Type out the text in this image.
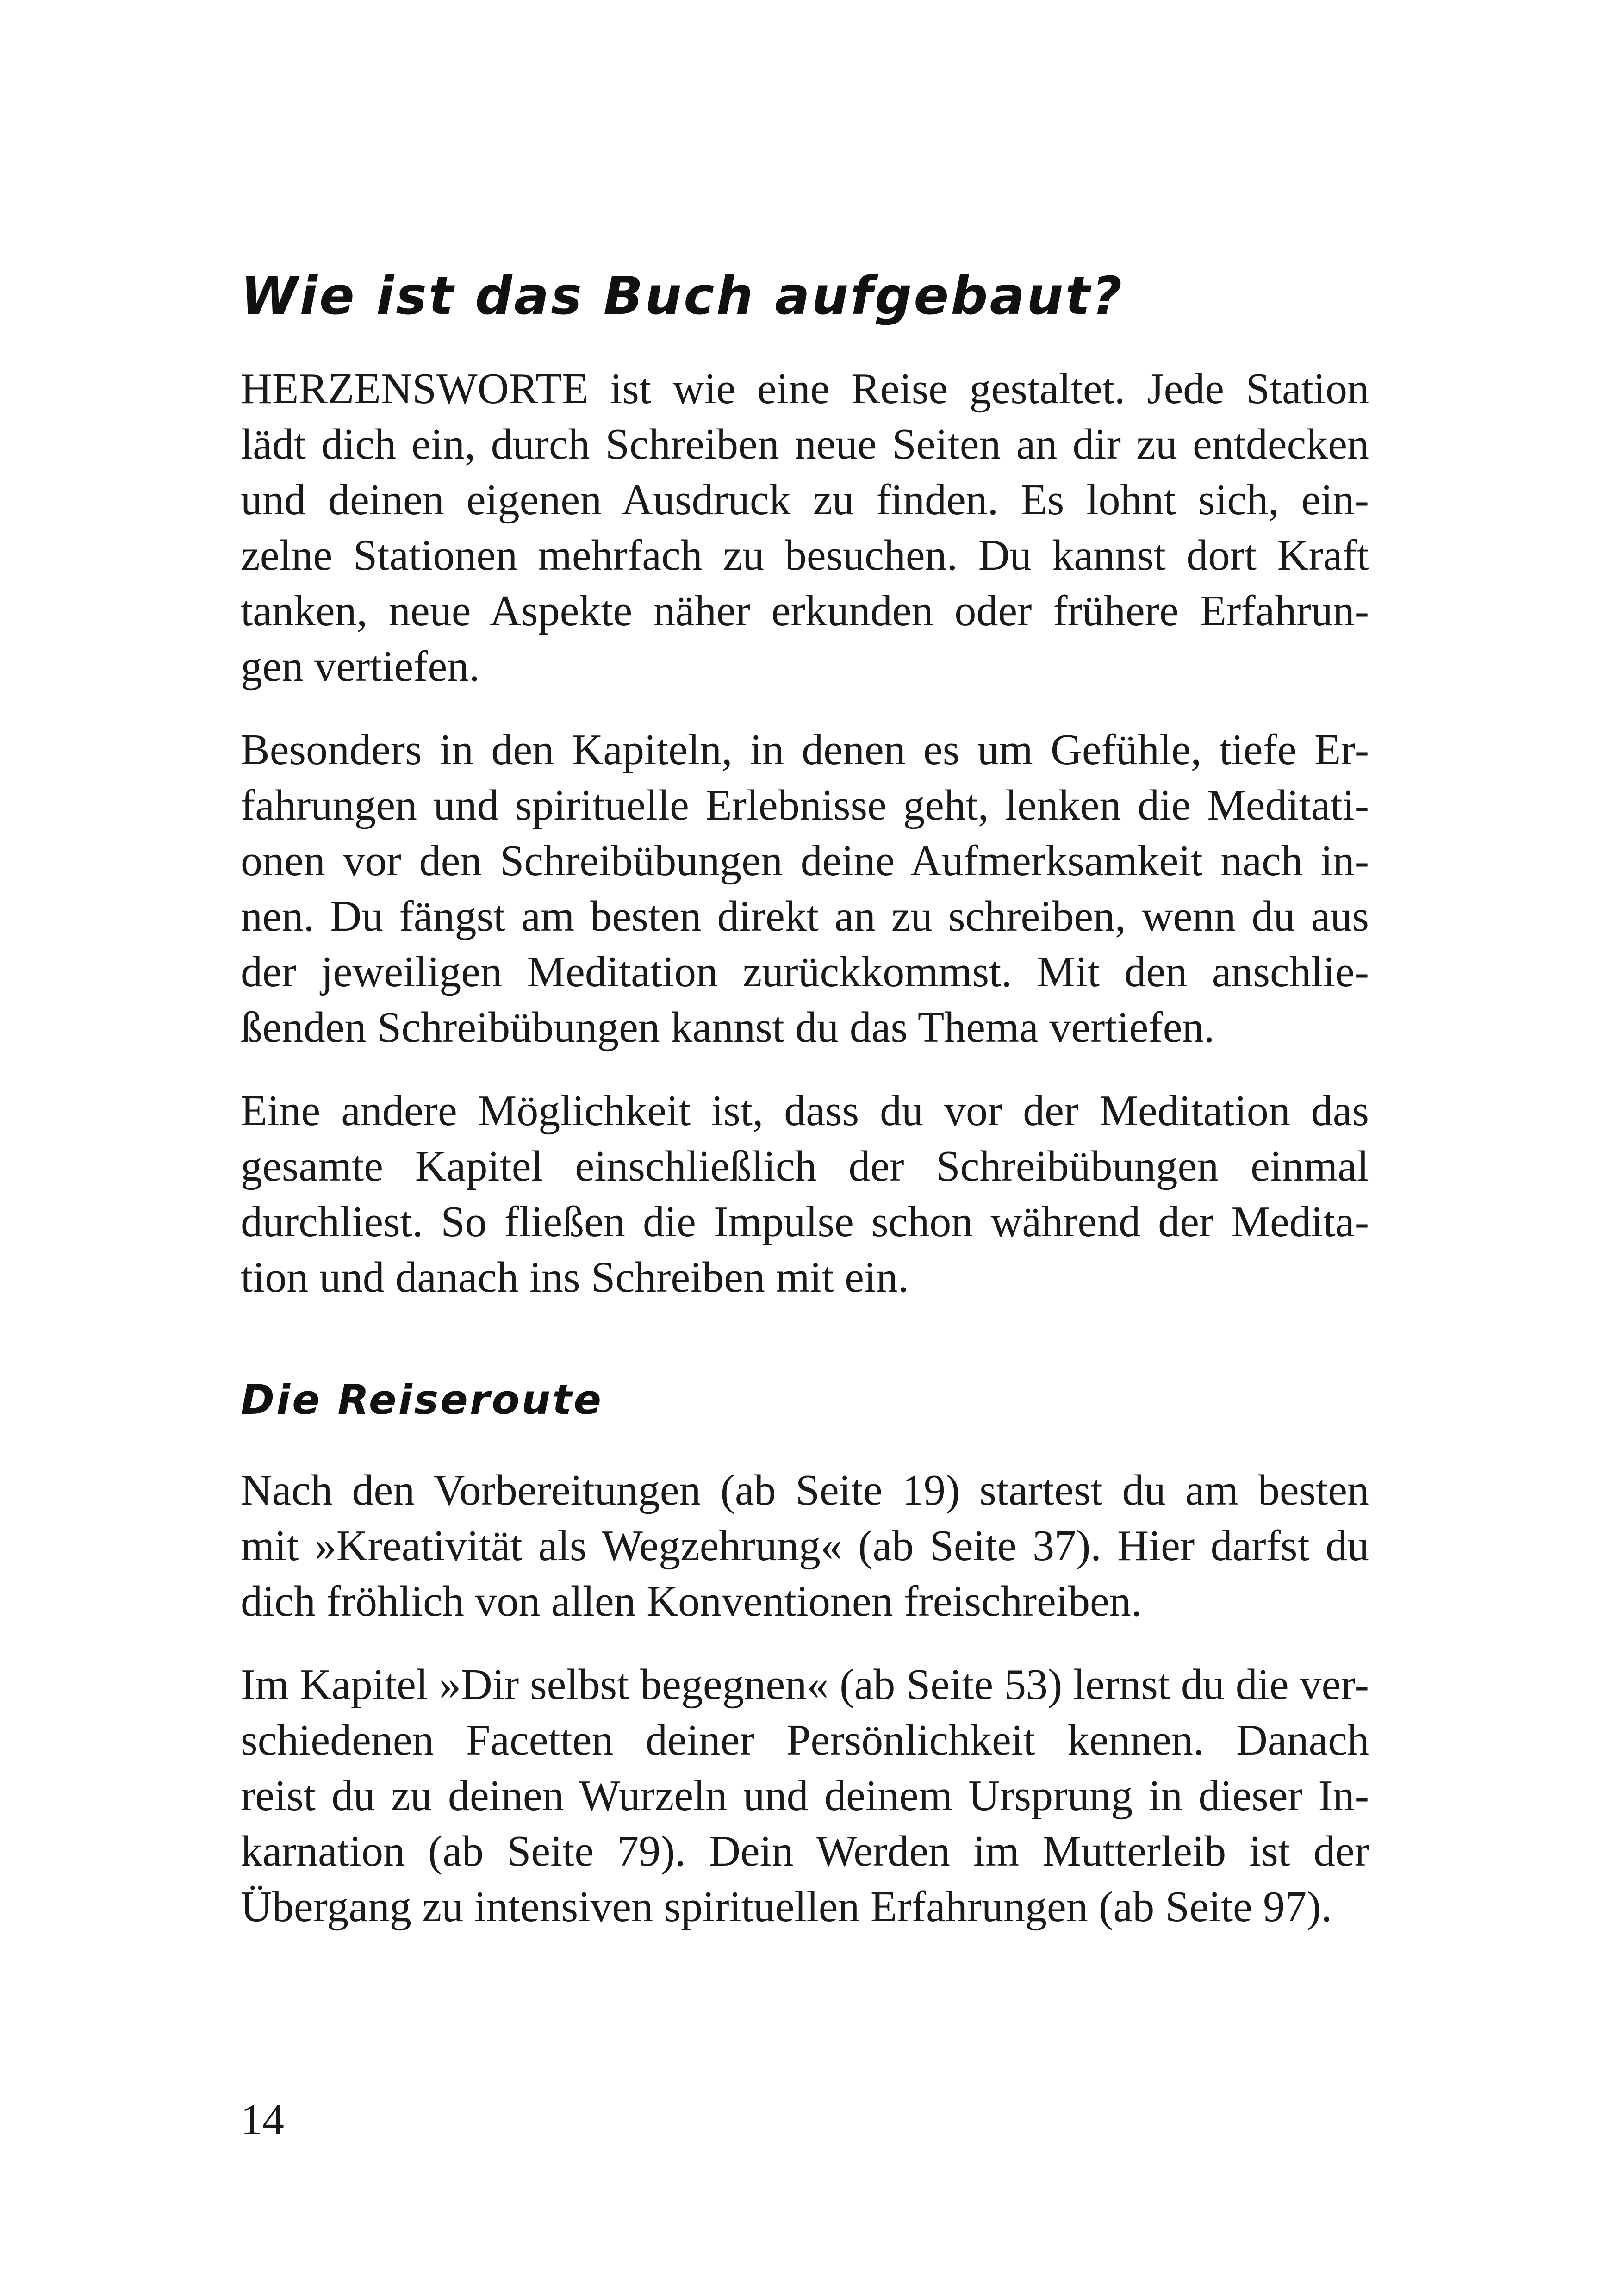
Wie ist das Buch aufgebaut?

HERZENSWORTE ist wie eine Reise gestaltet. Jede Station
lädt dich ein, durch Schreiben neue Seiten an dir zu entdecken
und deinen eigenen Ausdruck zu finden. Es lohnt sich, ein-
zelne Stationen mehrfach zu besuchen. Du kannst dort Kraft
tanken, neue Aspekte näher erkunden oder frühere Erfahrun-
gen vertiefen.

Besonders in den Kapiteln, in denen es um Gefühle, tiefe Er-
fahrungen und spirituelle Erlebnisse geht, lenken die Meditati-
onen vor den Schreibübungen deine Aufmerksamkeit nach in-
nen. Du fängst am besten direkt an zu schreiben, wenn du aus
der jeweiligen Meditation zurückkommst. Mit den anschlie-
ßenden Schreibübungen kannst du das Thema vertiefen.

Eine andere Möglichkeit ist, dass du vor der Meditation das
gesamte Kapitel einschließlich der Schreibübungen einmal
durchliest. So fließen die Impulse schon während der Medita-
tion und danach ins Schreiben mit ein.

Die Reiseroute

Nach den Vorbereitungen (ab Seite 19) startest du am besten
mit »Kreativität als Wegzehrung« (ab Seite 37). Hier darfst du
dich fröhlich von allen Konventionen freischreiben.

Im Kapitel »Dir selbst begegnen« (ab Seite 53) lernst du die ver-
schiedenen Facetten deiner Persönlichkeit kennen. Danach
reist du zu deinen Wurzeln und deinem Ursprung in dieser In-
karnation (ab Seite 79). Dein Werden im Mutterleib ist der
Übergang zu intensiven spirituellen Erfahrungen (ab Seite 97).

14
